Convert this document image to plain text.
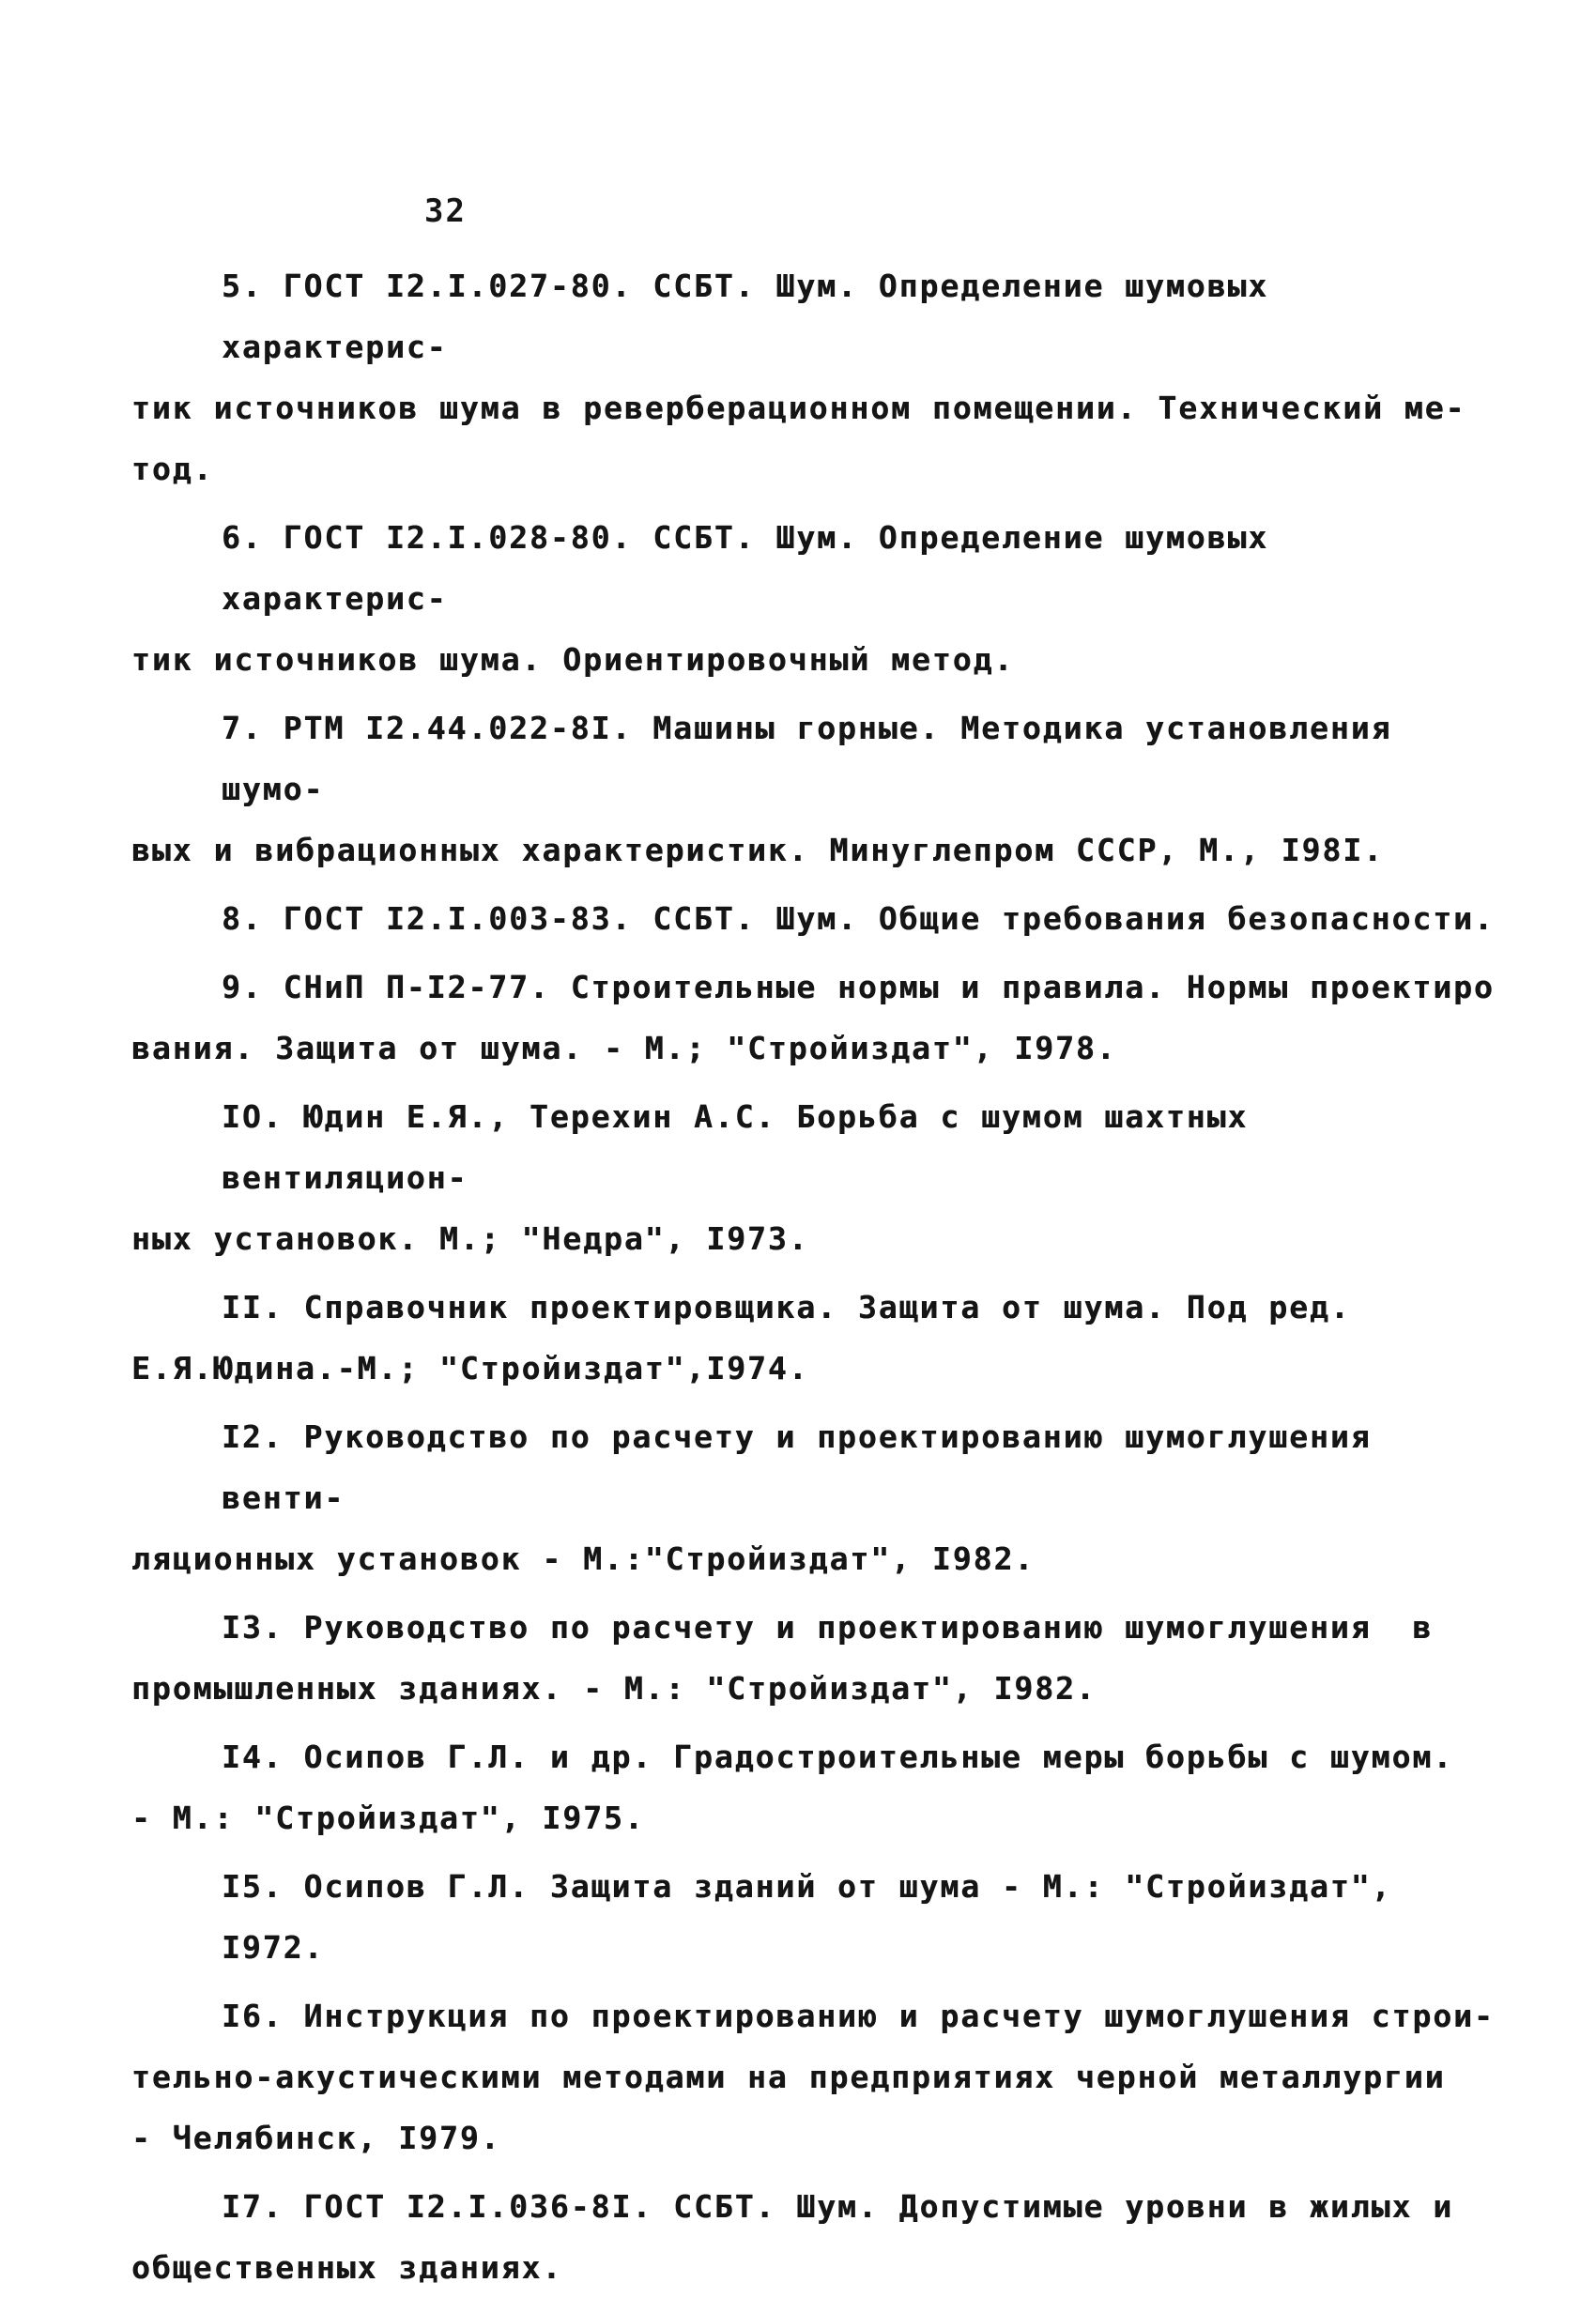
32
5. ГОСТ I2.I.027-80. ССБТ. Шум. Определение шумовых характерис-
тик источников шума в реверберационном помещении. Технический ме-
тод.
6. ГОСТ I2.I.028-80. ССБТ. Шум. Определение шумовых характерис-
тик источников шума. Ориентировочный метод.
7. РТМ I2.44.022-8I. Машины горные. Методика установления шумо-
вых и вибрационных характеристик. Минуглепром СССР, М., I98I.
8. ГОСТ I2.I.003-83. ССБТ. Шум. Общие требования безопасности.
9. СНиП П-I2-77. Строительные нормы и правила. Нормы проектиро
вания. Защита от шума. - М.; "Стройиздат", I978.
IO. Юдин Е.Я., Терехин А.С. Борьба с шумом шахтных вентиляцион-
ных установок. М.; "Недра", I973.
II. Справочник проектировщика. Защита от шума. Под ред.
Е.Я.Юдина.-М.; "Стройиздат",I974.
I2. Руководство по расчету и проектированию шумоглушения венти-
ляционных установок - М.:"Стройиздат", I982.
I3. Руководство по расчету и проектированию шумоглушения  в
промышленных зданиях. - М.: "Стройиздат", I982.
I4. Осипов Г.Л. и др. Градостроительные меры борьбы с шумом.
- М.: "Стройиздат", I975.
I5. Осипов Г.Л. Защита зданий от шума - М.: "Стройиздат", I972.
I6. Инструкция по проектированию и расчету шумоглушения строи-
тельно-акустическими методами на предприятиях черной металлургии
- Челябинск, I979.
I7. ГОСТ I2.I.036-8I. ССБТ. Шум. Допустимые уровни в жилых и
общественных зданиях.
